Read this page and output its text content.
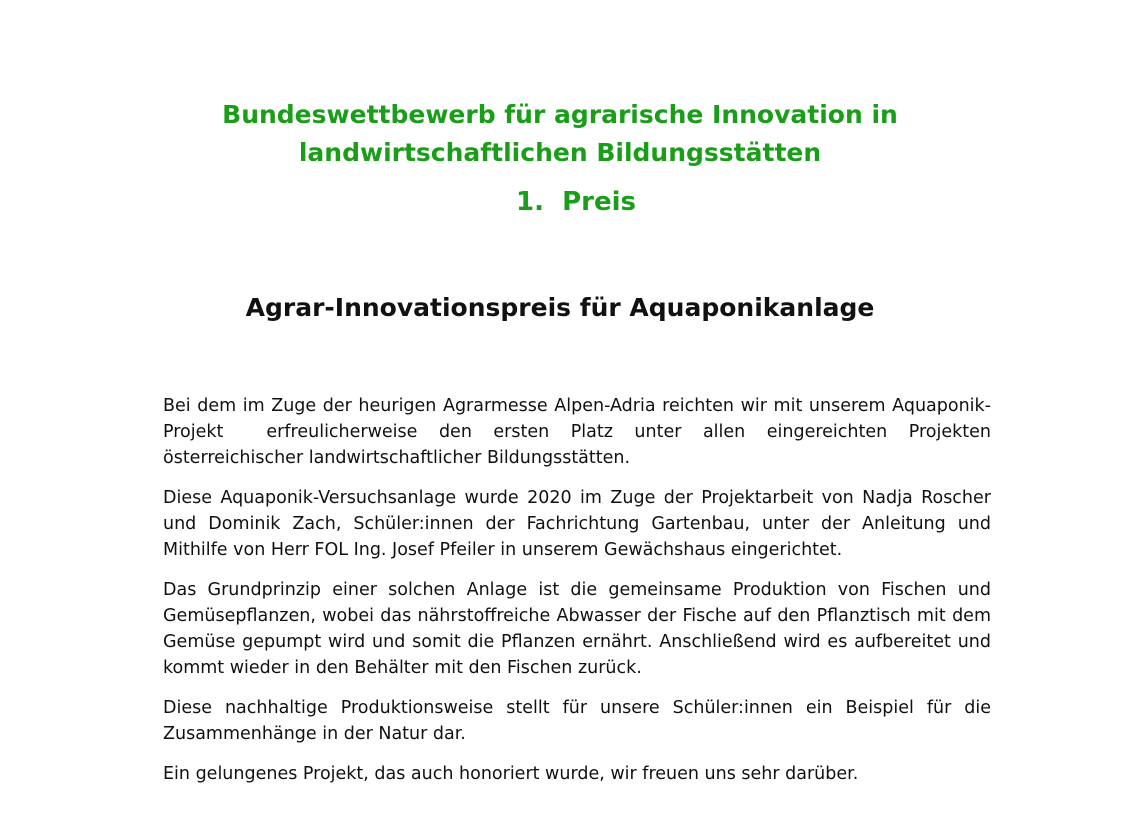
Bundeswettbewerb für agrarische Innovation in
landwirtschaftlichen Bildungsstätten
1.  Preis
Agrar-Innovationspreis für Aquaponikanlage

Bei dem im Zuge der heurigen Agrarmesse Alpen-Adria reichten wir mit unserem Aquaponik-Projekt  erfreulicherweise den ersten Platz unter allen eingereichten Projekten österreichischer landwirtschaftlicher Bildungsstätten.

Diese Aquaponik-Versuchsanlage wurde 2020 im Zuge der Projektarbeit von Nadja Roscher und Dominik Zach, Schüler:innen der Fachrichtung Gartenbau, unter der Anleitung und Mithilfe von Herr FOL Ing. Josef Pfeiler in unserem Gewächshaus eingerichtet.

Das Grundprinzip einer solchen Anlage ist die gemeinsame Produktion von Fischen und Gemüsepflanzen, wobei das nährstoffreiche Abwasser der Fische auf den Pflanztisch mit dem Gemüse gepumpt wird und somit die Pflanzen ernährt. Anschließend wird es aufbereitet und kommt wieder in den Behälter mit den Fischen zurück.

Diese nachhaltige Produktionsweise stellt für unsere Schüler:innen ein Beispiel für die Zusammenhänge in der Natur dar.

Ein gelungenes Projekt, das auch honoriert wurde, wir freuen uns sehr darüber.
